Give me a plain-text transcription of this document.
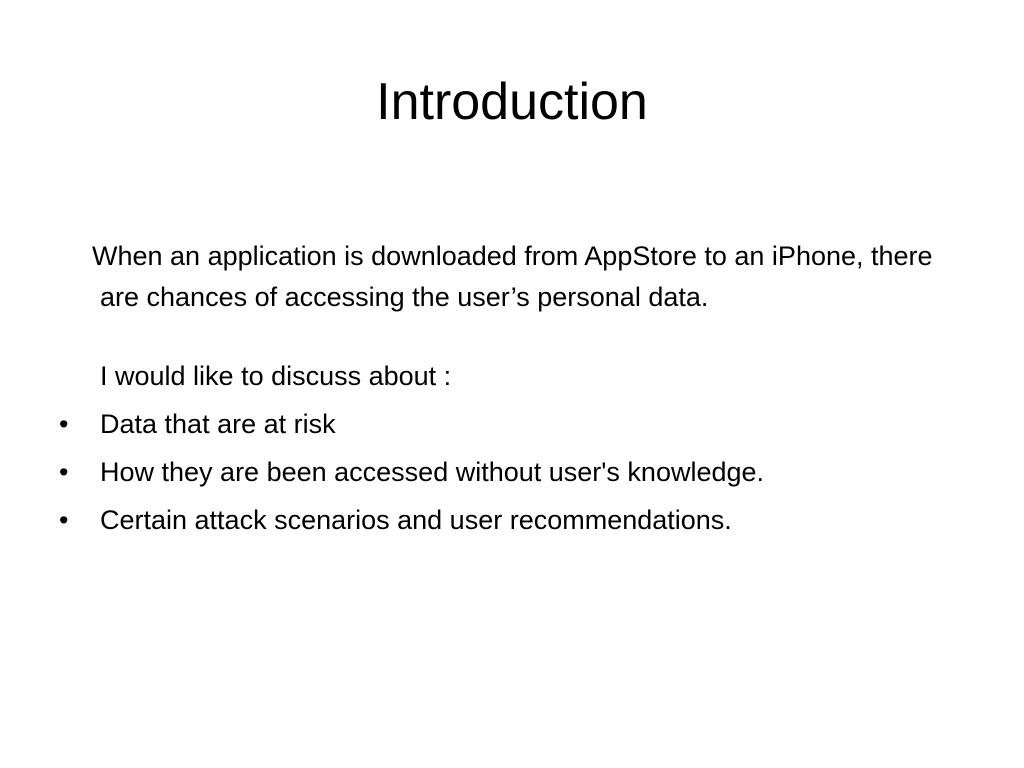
Introduction

When an application is downloaded from AppStore to an iPhone, there are chances of accessing the user’s personal data.

I would like to discuss about :

• Data that are at risk
• How they are been accessed without user's knowledge.
• Certain attack scenarios and user recommendations.
